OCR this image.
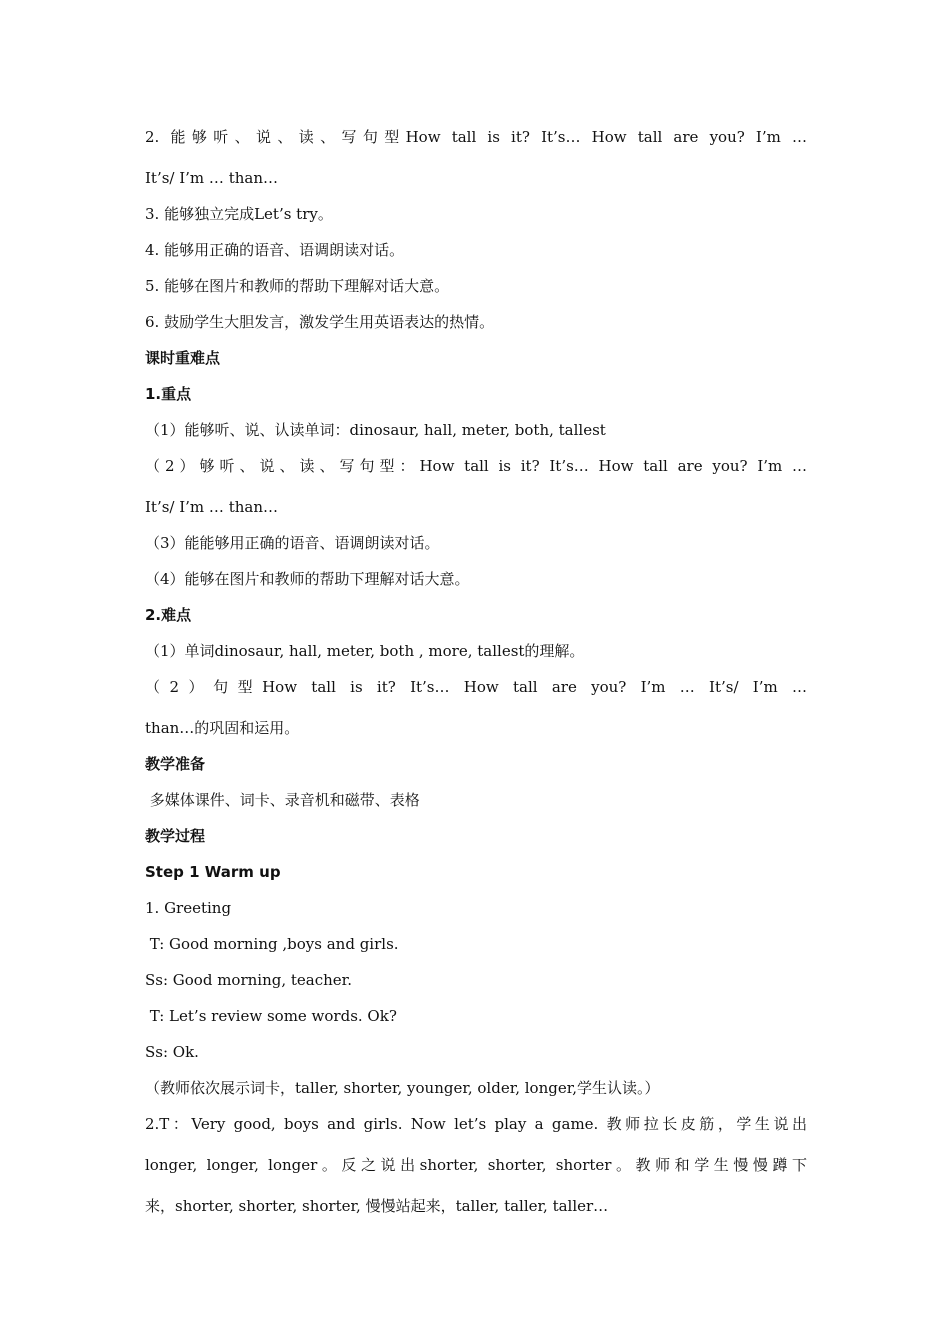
2. 能够听、说、读、写句型How tall is it? It’s… How tall are you? I’m …
It’s/ I’m … than…
3. 能够独立完成Let’s try。
4. 能够用正确的语音、语调朗读对话。
5. 能够在图片和教师的帮助下理解对话大意。
6. 鼓励学生大胆发言，激发学生用英语表达的热情。
课时重难点
1.重点
（1）能够听、说、认读单词：dinosaur, hall, meter, both, tallest
（2）够听、说、读、写句型：How tall is it? It’s… How tall are you? I’m …
It’s/ I’m … than…
（3）能能够用正确的语音、语调朗读对话。
（4）能够在图片和教师的帮助下理解对话大意。
2.难点
（1）单词dinosaur, hall, meter, both , more, tallest的理解。
（2）句型How tall is it? It’s… How tall are you? I’m … It’s/ I’m …
than…的巩固和运用。
教学准备
多媒体课件、词卡、录音机和磁带、表格
教学过程
Step 1 Warm up
1. Greeting
T: Good morning ,boys and girls.
Ss: Good morning, teacher.
T: Let’s review some words. Ok?
Ss: Ok.
（教师依次展示词卡，taller, shorter, younger, older, longer,学生认读。）
2.T：Very good, boys and girls. Now let’s play a game. 教师拉长皮筋，学生说出
longer, longer, longer。反之说出shorter, shorter, shorter。教师和学生慢慢蹲下
来，shorter, shorter, shorter, 慢慢站起来，taller, taller, taller…
